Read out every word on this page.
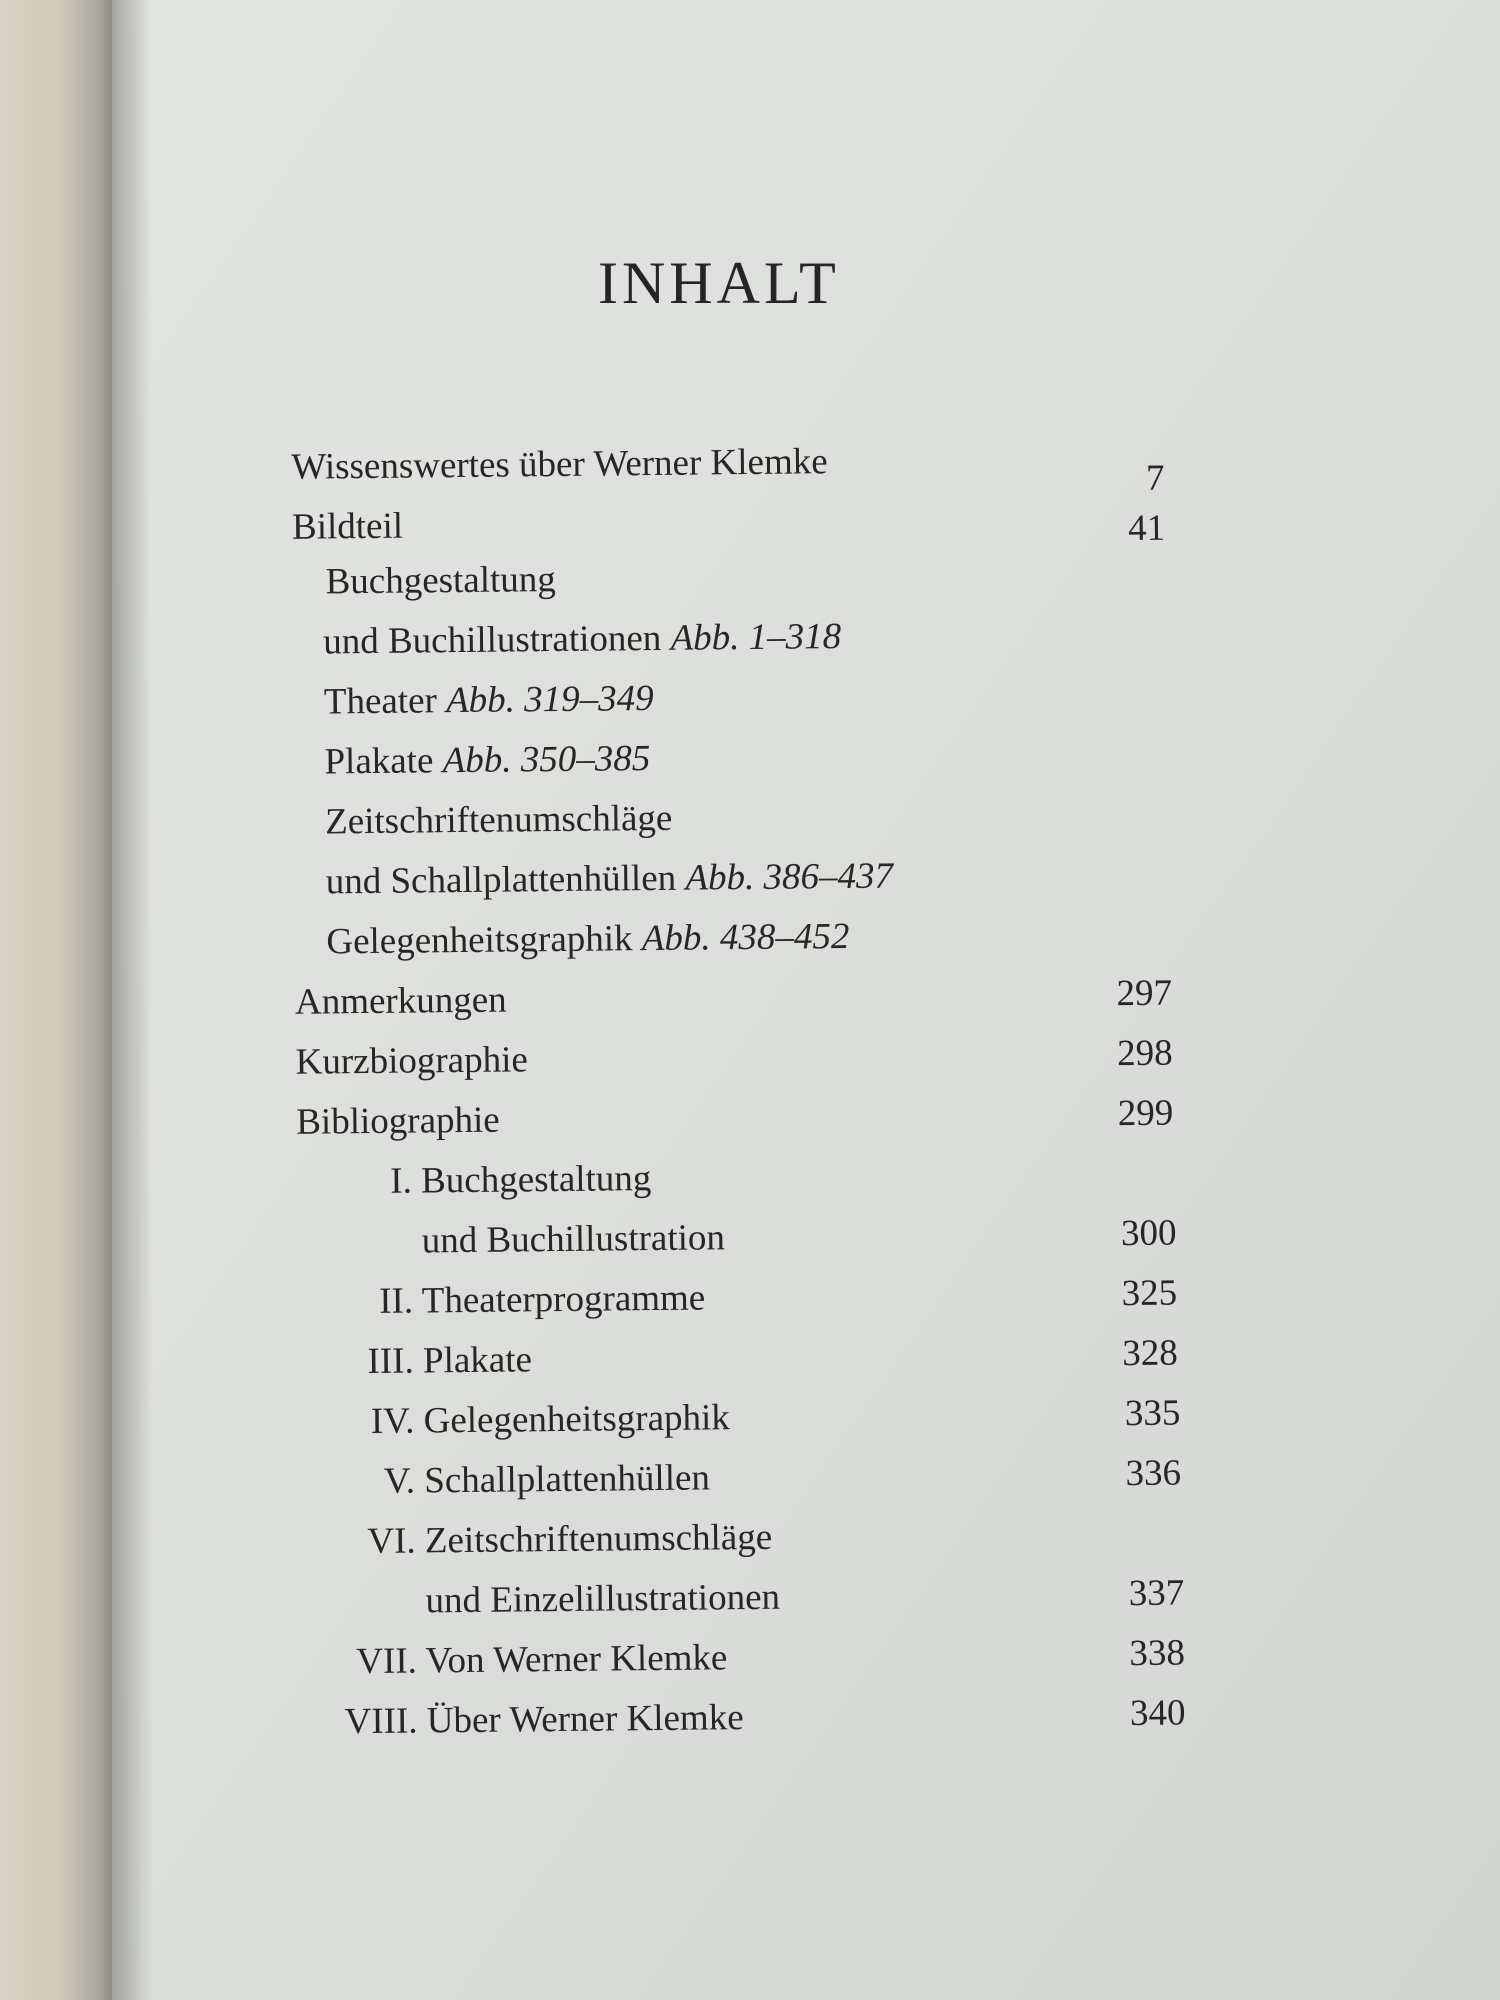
INHALT
Wissenswertes über Werner Klemke	7
Bildteil	41
Buchgestaltung
und Buchillustrationen Abb. 1–318
Theater Abb. 319–349
Plakate Abb. 350–385
Zeitschriftenumschläge
und Schallplattenhüllen Abb. 386–437
Gelegenheitsgraphik Abb. 438–452
Anmerkungen	297
Kurzbiographie	298
Bibliographie	299
I. Buchgestaltung
und Buchillustration	300
II. Theaterprogramme	325
III. Plakate	328
IV. Gelegenheitsgraphik	335
V. Schallplattenhüllen	336
VI. Zeitschriftenumschläge
und Einzelillustrationen	337
VII. Von Werner Klemke	338
VIII. Über Werner Klemke	340
